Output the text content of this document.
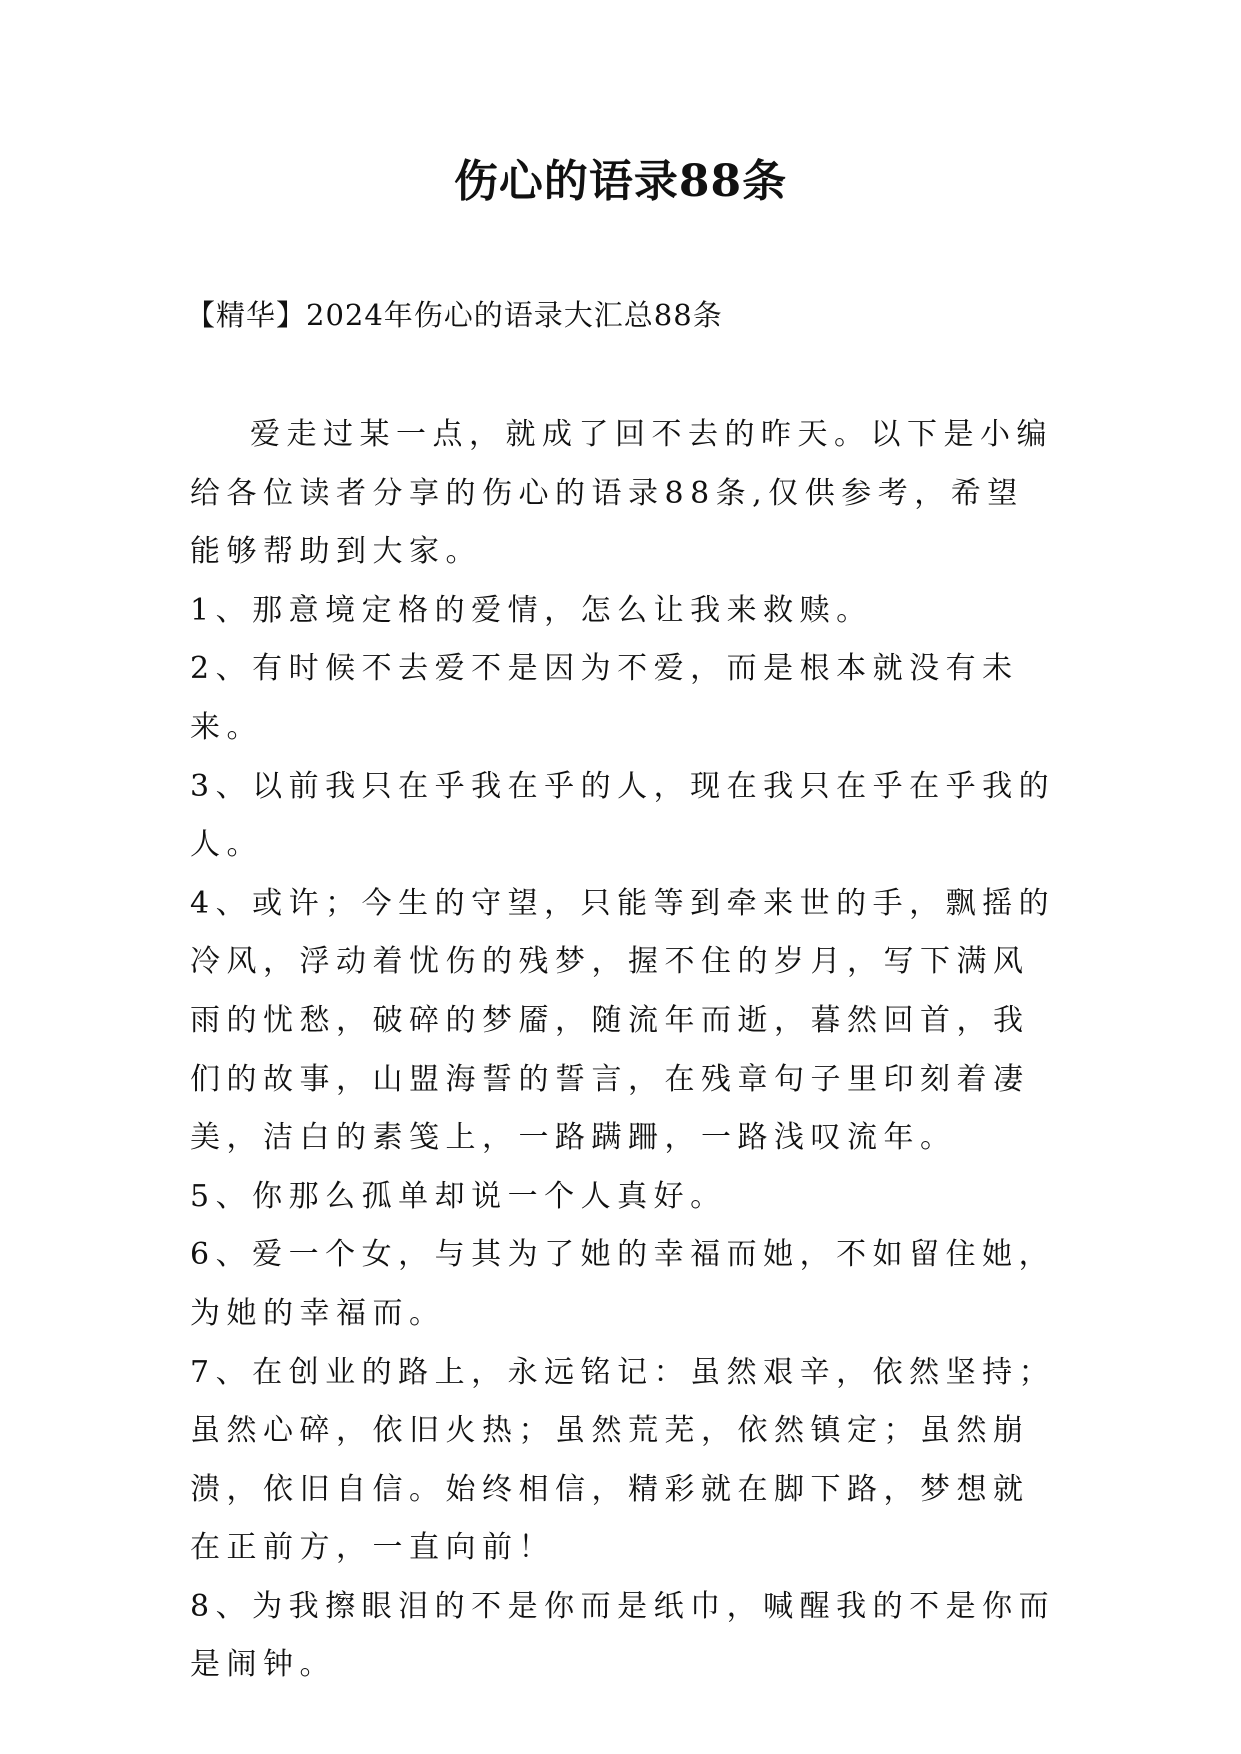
伤心的语录88条
【精华】2024年伤心的语录大汇总88条

爱走过某一点，就成了回不去的昨天。以下是小编给各位读者分享的伤心的语录88条,仅供参考，希望能够帮助到大家。

1、那意境定格的爱情，怎么让我来救赎。

2、有时候不去爱不是因为不爱，而是根本就没有未来。

3、以前我只在乎我在乎的人，现在我只在乎在乎我的人。

4、或许；今生的守望，只能等到牵来世的手，飘摇的冷风，浮动着忧伤的残梦，握不住的岁月，写下满风雨的忧愁，破碎的梦靥，随流年而逝，暮然回首，我们的故事，山盟海誓的誓言，在残章句子里印刻着凄美，洁白的素笺上，一路蹒跚，一路浅叹流年。

5、你那么孤单却说一个人真好。

6、爱一个女，与其为了她的幸福而她，不如留住她，为她的幸福而。

7、在创业的路上，永远铭记：虽然艰辛，依然坚持；虽然心碎，依旧火热；虽然荒芜，依然镇定；虽然崩溃，依旧自信。始终相信，精彩就在脚下路，梦想就在正前方，一直向前！

8、为我擦眼泪的不是你而是纸巾，喊醒我的不是你而是闹钟。
